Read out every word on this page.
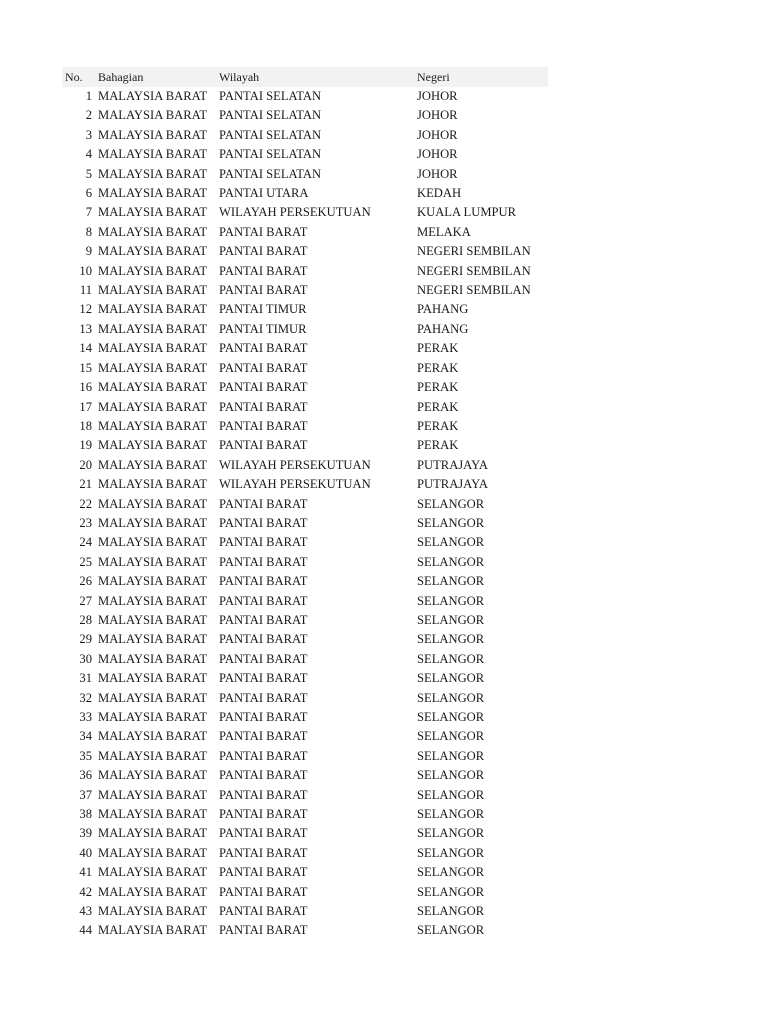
No.	Bahagian	Wilayah	Negeri
1	MALAYSIA BARAT	PANTAI SELATAN	JOHOR
2	MALAYSIA BARAT	PANTAI SELATAN	JOHOR
3	MALAYSIA BARAT	PANTAI SELATAN	JOHOR
4	MALAYSIA BARAT	PANTAI SELATAN	JOHOR
5	MALAYSIA BARAT	PANTAI SELATAN	JOHOR
6	MALAYSIA BARAT	PANTAI UTARA	KEDAH
7	MALAYSIA BARAT	WILAYAH PERSEKUTUAN	KUALA LUMPUR
8	MALAYSIA BARAT	PANTAI BARAT	MELAKA
9	MALAYSIA BARAT	PANTAI BARAT	NEGERI SEMBILAN
10	MALAYSIA BARAT	PANTAI BARAT	NEGERI SEMBILAN
11	MALAYSIA BARAT	PANTAI BARAT	NEGERI SEMBILAN
12	MALAYSIA BARAT	PANTAI TIMUR	PAHANG
13	MALAYSIA BARAT	PANTAI TIMUR	PAHANG
14	MALAYSIA BARAT	PANTAI BARAT	PERAK
15	MALAYSIA BARAT	PANTAI BARAT	PERAK
16	MALAYSIA BARAT	PANTAI BARAT	PERAK
17	MALAYSIA BARAT	PANTAI BARAT	PERAK
18	MALAYSIA BARAT	PANTAI BARAT	PERAK
19	MALAYSIA BARAT	PANTAI BARAT	PERAK
20	MALAYSIA BARAT	WILAYAH PERSEKUTUAN	PUTRAJAYA
21	MALAYSIA BARAT	WILAYAH PERSEKUTUAN	PUTRAJAYA
22	MALAYSIA BARAT	PANTAI BARAT	SELANGOR
23	MALAYSIA BARAT	PANTAI BARAT	SELANGOR
24	MALAYSIA BARAT	PANTAI BARAT	SELANGOR
25	MALAYSIA BARAT	PANTAI BARAT	SELANGOR
26	MALAYSIA BARAT	PANTAI BARAT	SELANGOR
27	MALAYSIA BARAT	PANTAI BARAT	SELANGOR
28	MALAYSIA BARAT	PANTAI BARAT	SELANGOR
29	MALAYSIA BARAT	PANTAI BARAT	SELANGOR
30	MALAYSIA BARAT	PANTAI BARAT	SELANGOR
31	MALAYSIA BARAT	PANTAI BARAT	SELANGOR
32	MALAYSIA BARAT	PANTAI BARAT	SELANGOR
33	MALAYSIA BARAT	PANTAI BARAT	SELANGOR
34	MALAYSIA BARAT	PANTAI BARAT	SELANGOR
35	MALAYSIA BARAT	PANTAI BARAT	SELANGOR
36	MALAYSIA BARAT	PANTAI BARAT	SELANGOR
37	MALAYSIA BARAT	PANTAI BARAT	SELANGOR
38	MALAYSIA BARAT	PANTAI BARAT	SELANGOR
39	MALAYSIA BARAT	PANTAI BARAT	SELANGOR
40	MALAYSIA BARAT	PANTAI BARAT	SELANGOR
41	MALAYSIA BARAT	PANTAI BARAT	SELANGOR
42	MALAYSIA BARAT	PANTAI BARAT	SELANGOR
43	MALAYSIA BARAT	PANTAI BARAT	SELANGOR
44	MALAYSIA BARAT	PANTAI BARAT	SELANGOR
